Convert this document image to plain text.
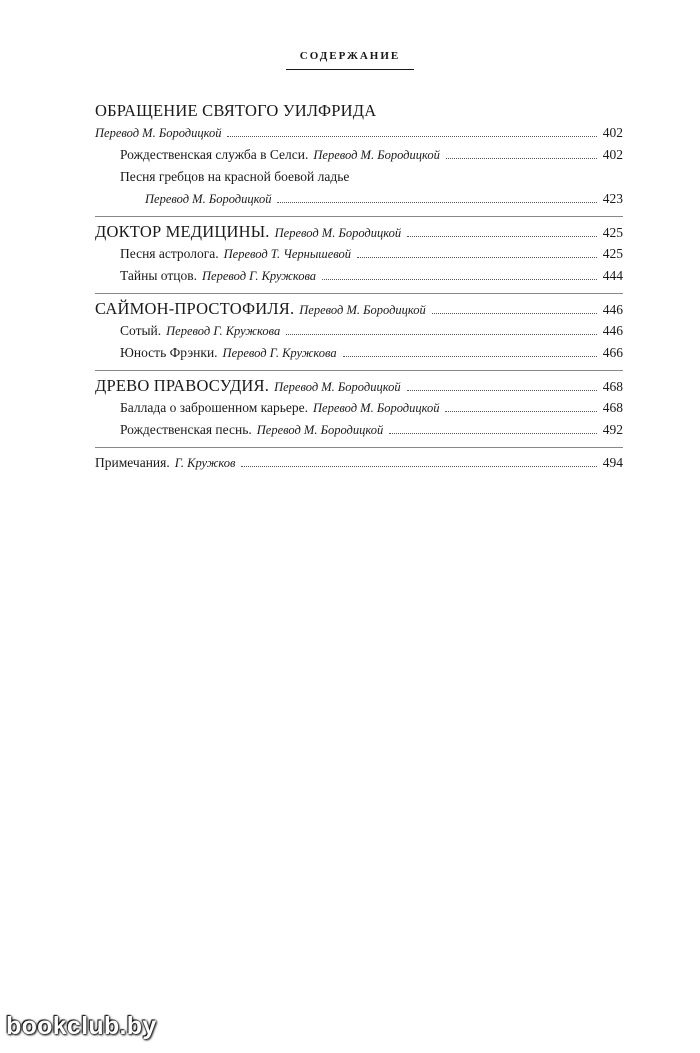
СОДЕРЖАНИЕ
ОБРАЩЕНИЕ СВЯТОГО УИЛФРИДА
Перевод М. Бородицкой	402
Рождественская служба в Селси. Перевод М. Бородицкой	402
Песня гребцов на красной боевой ладье
Перевод М. Бородицкой	423
ДОКТОР МЕДИЦИНЫ. Перевод М. Бородицкой	425
Песня астролога. Перевод Т. Чернышевой	425
Тайны отцов. Перевод Г. Кружкова	444
САЙМОН-ПРОСТОФИЛЯ. Перевод М. Бородицкой	446
Сотый. Перевод Г. Кружкова	446
Юность Фрэнки. Перевод Г. Кружкова	466
ДРЕВО ПРАВОСУДИЯ. Перевод М. Бородицкой	468
Баллада о заброшенном карьере. Перевод М. Бородицкой	468
Рождественская песнь. Перевод М. Бородицкой	492
Примечания. Г. Кружков	494
bookclub.by
